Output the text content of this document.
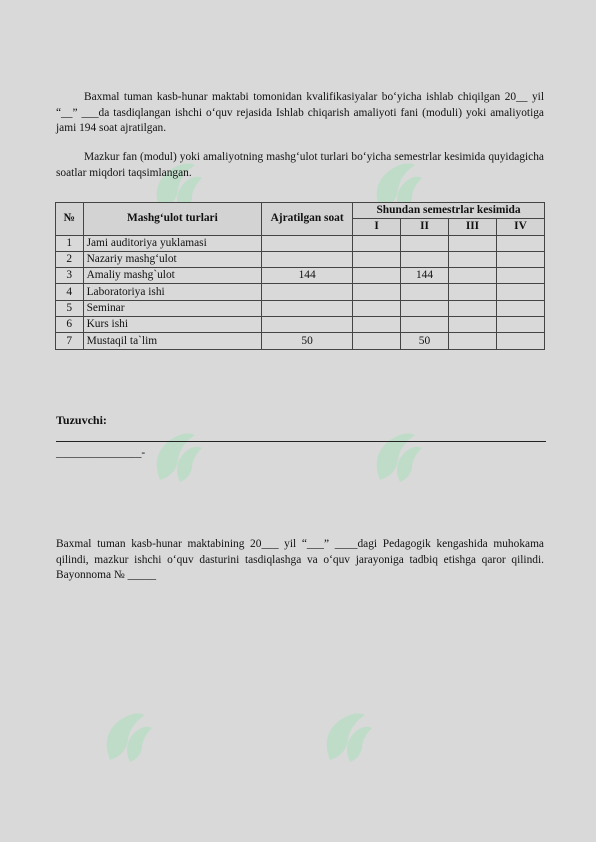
Baxmal tuman kasb-hunar maktabi tomonidan kvalifikasiyalar bo‘yicha ishlab chiqilgan 20__ yil “__” ___da tasdiqlangan ishchi o‘quv rejasida Ishlab chiqarish amaliyoti fani (moduli) yoki amaliyotiga jami 194 soat ajratilgan.

Mazkur fan (modul) yoki amaliyotning mashg‘ulot turlari bo‘yicha semestrlar kesimida quyidagicha soatlar miqdori taqsimlangan.

№	Mashg‘ulot turlari	Ajratilgan soat	Shundan semestrlar kesimida			
			I	II	III	IV
1	Jami auditoriya yuklamasi					
2	Nazariy mashg‘ulot					
3	Amaliy mashg`ulot	144		144		
4	Laboratoriya ishi					
5	Seminar					
6	Kurs ishi					
7	Mustaqil ta`lim	50		50		
Tuzuvchi:
_______________-

Baxmal tuman kasb-hunar maktabining 20___ yil “___” ____dagi Pedagogik kengashida muhokama qilindi, mazkur ishchi o‘quv dasturini tasdiqlashga va o‘quv jarayoniga tadbiq etishga qaror qilindi. Bayonnoma № _____
